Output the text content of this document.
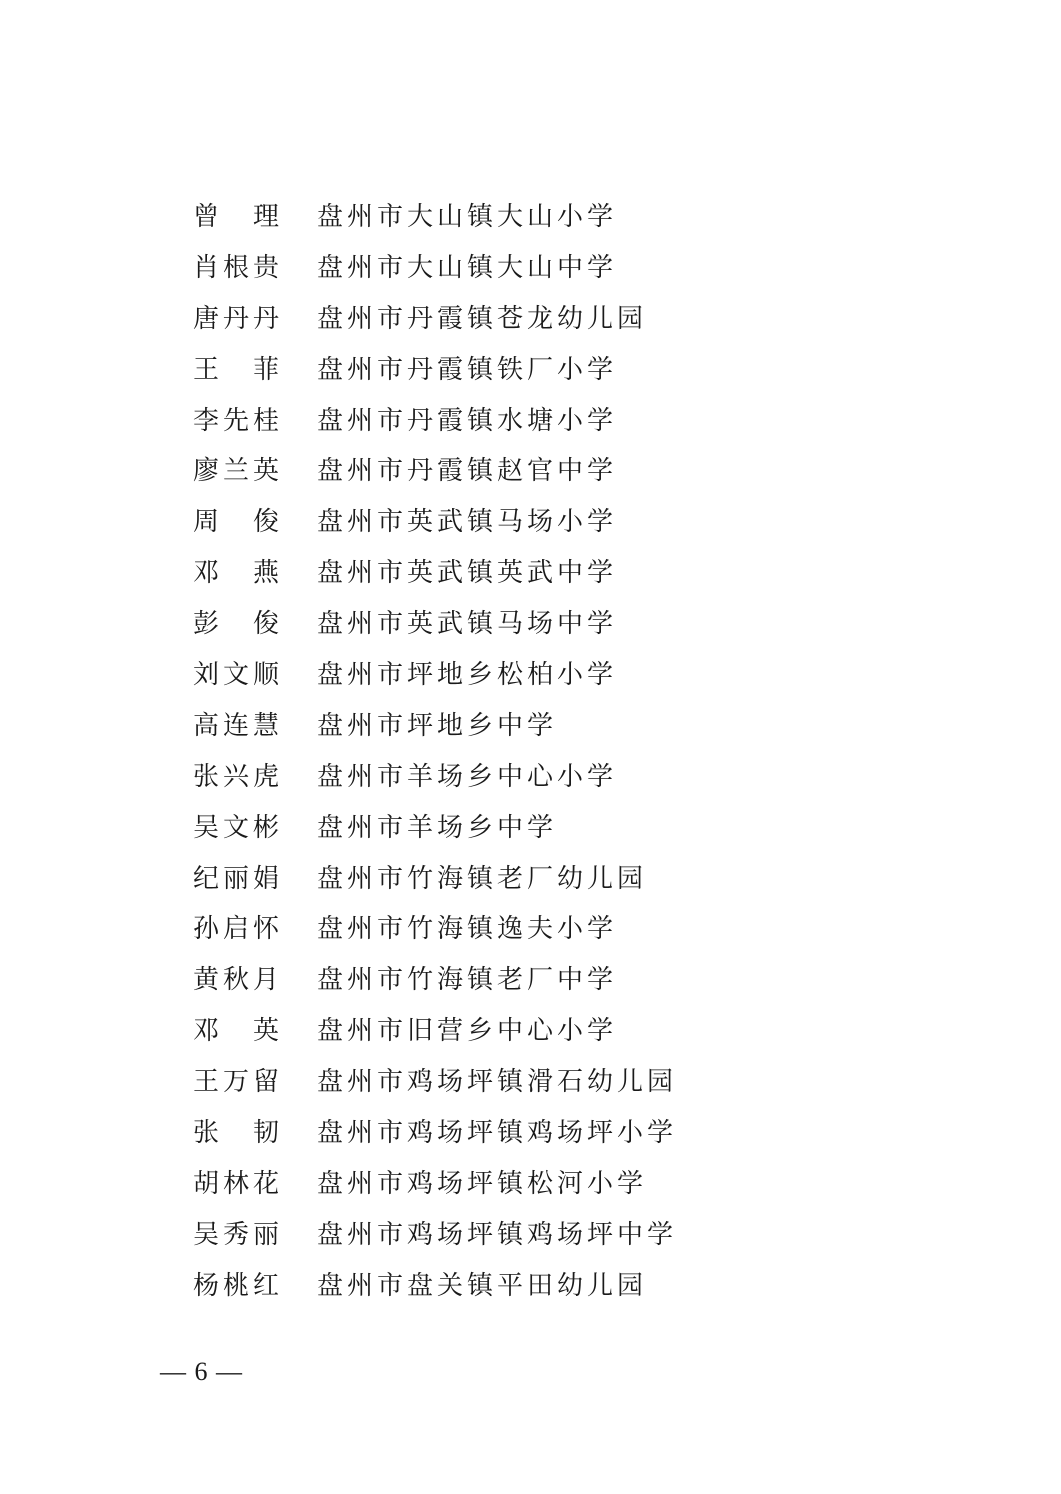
曾　理	盘州市大山镇大山小学
肖根贵	盘州市大山镇大山中学
唐丹丹	盘州市丹霞镇苍龙幼儿园
王　菲	盘州市丹霞镇铁厂小学
李先桂	盘州市丹霞镇水塘小学
廖兰英	盘州市丹霞镇赵官中学
周　俊	盘州市英武镇马场小学
邓　燕	盘州市英武镇英武中学
彭　俊	盘州市英武镇马场中学
刘文顺	盘州市坪地乡松柏小学
高连慧	盘州市坪地乡中学
张兴虎	盘州市羊场乡中心小学
吴文彬	盘州市羊场乡中学
纪丽娟	盘州市竹海镇老厂幼儿园
孙启怀	盘州市竹海镇逸夫小学
黄秋月	盘州市竹海镇老厂中学
邓　英	盘州市旧营乡中心小学
王万留	盘州市鸡场坪镇滑石幼儿园
张　韧	盘州市鸡场坪镇鸡场坪小学
胡林花	盘州市鸡场坪镇松河小学
吴秀丽	盘州市鸡场坪镇鸡场坪中学
杨桃红	盘州市盘关镇平田幼儿园
— 6 —
